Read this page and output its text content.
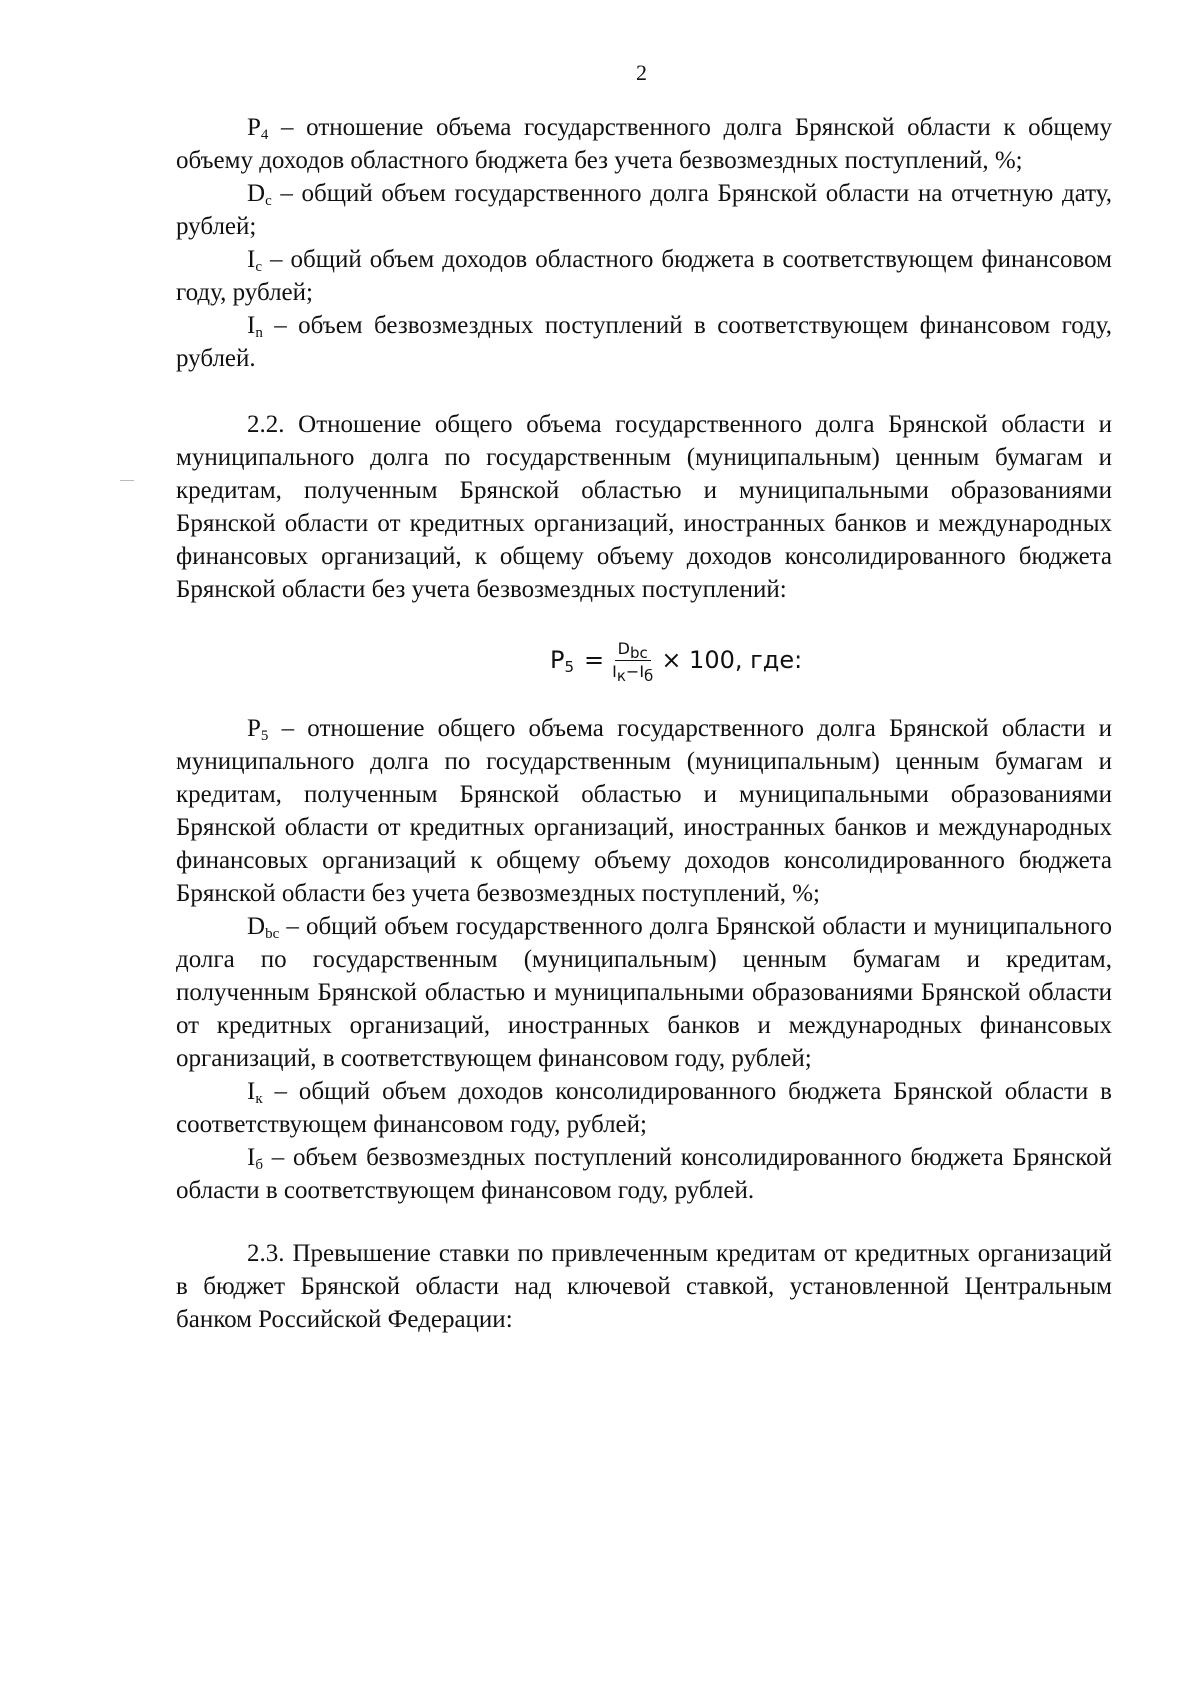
2

$P_4$ – отношение объема государственного долга Брянской области к общему объему доходов областного бюджета без учета безвозмездных поступлений, %;

$D_c$ – общий объем государственного долга Брянской области на отчетную дату, рублей;

$I_c$ – общий объем доходов областного бюджета в соответствующем финансовом году, рублей;

$I_n$ – объем безвозмездных поступлений в соответствующем финансовом году, рублей.

2.2. Отношение общего объема государственного долга Брянской области и муниципального долга по государственным (муниципальным) ценным бумагам и кредитам, полученным Брянской областью и муниципальными образованиями Брянской области от кредитных организаций, иностранных банков и международных финансовых организаций, к общему объему доходов консолидированного бюджета Брянской области без учета безвозмездных поступлений:

$P_5 = \frac{D_{bc}}{I_к-I_б} \times 100$, где:

$P_5$ – отношение общего объема государственного долга Брянской области и муниципального долга по государственным (муниципальным) ценным бумагам и кредитам, полученным Брянской областью и муниципальными образованиями Брянской области от кредитных организаций, иностранных банков и международных финансовых организаций к общему объему доходов консолидированного бюджета Брянской области без учета безвозмездных поступлений, %;

$D_{bc}$ – общий объем государственного долга Брянской области и муниципального долга по государственным (муниципальным) ценным бумагам и кредитам, полученным Брянской областью и муниципальными образованиями Брянской области от кредитных организаций, иностранных банков и международных финансовых организаций, в соответствующем финансовом году, рублей;

$I_к$ – общий объем доходов консолидированного бюджета Брянской области в соответствующем финансовом году, рублей;

$I_б$ – объем безвозмездных поступлений консолидированного бюджета Брянской области в соответствующем финансовом году, рублей.

2.3. Превышение ставки по привлеченным кредитам от кредитных организаций в бюджет Брянской области над ключевой ставкой, установленной Центральным банком Российской Федерации:
